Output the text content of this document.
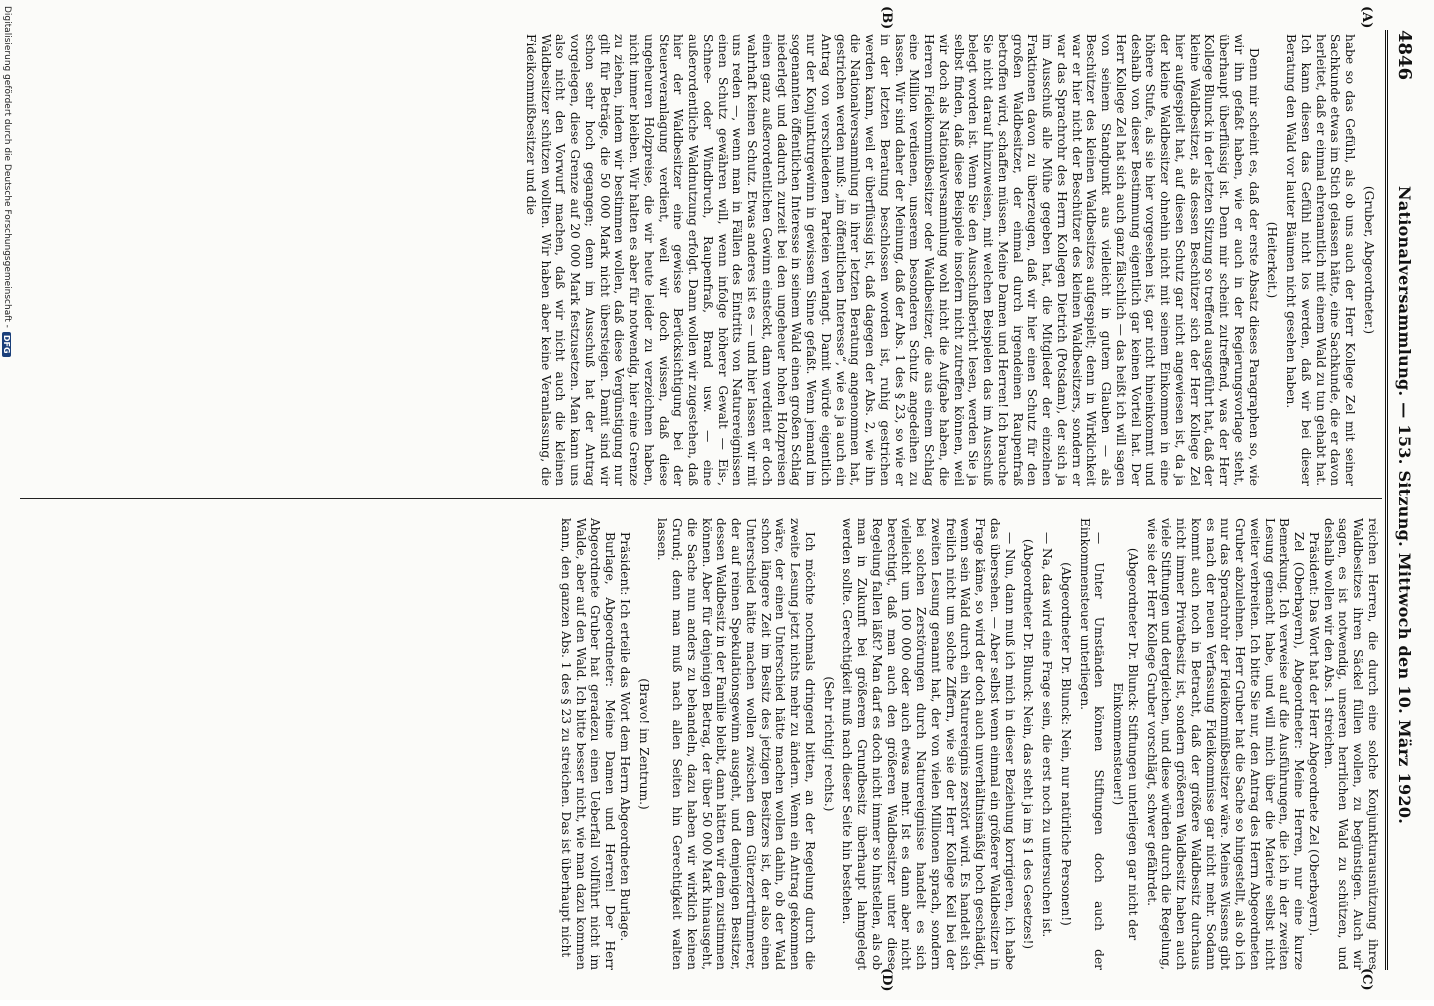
4846
Nationalversammlung. — 153. Sitzung. Mittwoch den 10. März 1920.
(A)
(B)
(C)
(D)

(Gruber, Abgeordneter.)

habe so das Gefühl, als ob uns auch der Herr Kollege Zel mit seiner Sachkunde etwas im Stich gelassen hätte, eine Sachkunde, die er davon herleitet, daß er einmal ehrenamtlich mit einem Wald zu tun gehabt hat. Ich kann diesen das Gefühl nicht los werden, daß wir bei dieser Beratung den Wald vor lauter Bäumen nicht gesehen haben.

(Heiterkeit.)

Denn mir scheint es, daß der erste Absatz dieses Paragraphen so, wie wir ihn gefaßt haben, wie er auch in der Regierungsvorlage steht, überhaupt überflüssig ist. Denn mir scheint zutreffend, was der Herr Kollege Blunck in der letzten Sitzung so treffend ausgeführt hat, daß der kleine Waldbesitzer, als dessen Beschützer sich der Herr Kollege Zel hier aufgespielt hat, auf diesen Schutz gar nicht angewiesen ist, da ja der kleine Waldbesitzer ohnehin nicht mit seinem Einkommen in eine höhere Stufe, als sie hier vorgesehen ist, gar nicht hineinkommt und deshalb von dieser Bestimmung eigentlich gar keinen Vorteil hat. Der Herr Kollege Zel hat sich auch ganz fälschlich — das heißt ich will sagen von seinem Standpunkt aus vielleicht in gutem Glauben — als Beschützer des kleinen Waldbesitzes aufgespielt; denn in Wirklichkeit war er hier nicht der Beschützer des kleinen Waldbesitzers, sondern er war das Sprachrohr des Herrn Kollegen Dietrich (Potsdam), der sich ja im Ausschuß alle Mühe gegeben hat, die Mitglieder der einzelnen Fraktionen davon zu überzeugen, daß wir hier einen Schutz für den großen Waldbesitzer, der einmal durch irgendeinen Raupenfraß betroffen wird, schaffen müssen. Meine Damen und Herren! Ich brauche Sie nicht darauf hinzuweisen, mit welchen Beispielen das im Ausschuß belegt worden ist. Wenn Sie den Ausschußbericht lesen, werden Sie ja selbst finden, daß diese Beispiele insofern nicht zutreffen können, weil wir doch als Nationalversammlung wohl nicht die Aufgabe haben, die Herren Fideikommißbesitzer oder Waldbesitzer, die aus einem Schlag eine Million verdienen, unserem besonderen Schutz angedeihen zu lassen. Wir sind daher der Meinung, daß der Abs. 1 des § 23, so wie er in der letzten Beratung beschlossen worden ist, ruhig gestrichen werden kann, weil er überflüssig ist, daß dagegen der Abs. 2, wie ihn die Nationalversammlung in ihrer letzten Beratung angenommen hat, gestrichen werden muß: „im öffentlichen Interesse“, wie es ja auch ein Antrag von verschiedenen Parteien verlangt. Damit würde eigentlich nur der Konjunkturgewinn in gewissem Sinne gefaßt. Wenn jemand im sogenannten öffentlichen Interesse in seinem Wald einen großen Schlag niederlegt und dadurch zurzeit bei den ungeheuer hohen Holzpreisen einen ganz außerordentlichen Gewinn einsteckt, dann verdient er doch wahrhaft keinen Schutz. Etwas anderes ist es — und hier lassen wir mit uns reden —, wenn man in Fällen des Eintritts von Naturereignissen einen Schutz gewähren will, wenn infolge höherer Gewalt — Eis-, Schnee- oder Windbruch, Raupenfraß, Brand usw. — eine außerordentliche Waldnutzung erfolgt. Dann wollen wir zugestehen, daß hier der Waldbesitzer eine gewisse Berücksichtigung bei der Steuerveranlagung verdient, weil wir doch wissen, daß diese ungeheuren Holzpreise, die wir heute leider zu verzeichnen haben, nicht immer bleiben. Wir halten es aber für notwendig, hier eine Grenze zu ziehen, indem wir bestimmen wollen, daß diese Vergünstigung nur gilt für Beträge, die 50 000 Mark nicht übersteigen. Damit sind wir schon sehr hoch gegangen; denn im Ausschuß hat der Antrag vorgelegen, diese Grenze auf 20 000 Mark festzusetzen. Man kann uns also nicht den Vorwurf machen, daß wir nicht auch die kleinen Waldbesitzer schützen wollten. Wir haben aber keine Veranlassung, die Fideikommißbesitzer und die

reichen Herren, die durch eine solche Konjunkturausnützung ihres Waldbesitzes ihren Säckel füllen wollen, zu begünstigen. Auch wir sagen, es ist notwendig, unseren herrlichen Wald zu schützen, und deshalb wollen wir den Abs. 1 streichen.

Präsident: Das Wort hat der Herr Abgeordnete Zel (Oberbayern).

Zel (Oberbayern), Abgeordneter: Meine Herren, nur eine kurze Bemerkung. Ich verweise auf die Ausführungen, die ich in der zweiten Lesung gemacht habe, und will mich über die Materie selbst nicht weiter verbreiten. Ich bitte Sie nur, den Antrag des Herrn Abgeordneten Gruber abzulehnen. Herr Gruber hat die Sache so hingestellt, als ob ich nur das Sprachrohr der Fideikommißbesitzer wäre. Meines Wissens gibt es nach der neuen Verfassung Fideikommisse gar nicht mehr. Sodann kommt auch noch in Betracht, daß der größere Waldbesitz durchaus nicht immer Privatbesitz ist, sondern größeren Waldbesitz haben auch viele Stiftungen und dergleichen, und diese würden durch die Regelung, wie sie der Herr Kollege Gruber vorschlägt, schwer gefährdet.

(Abgeordneter Dr. Blunck: Stiftungen unterliegen gar nicht der Einkommensteuer!)

— Unter Umständen können Stiftungen doch auch der Einkommensteuer unterliegen.

(Abgeordneter Dr. Blunck: Nein, nur natürliche Personen!)

— Na, das wird eine Frage sein, die erst noch zu untersuchen ist.

(Abgeordneter Dr. Blunck: Nein, das steht ja im § 1 des Gesetzes!)

— Nun, dann muß ich mich in dieser Beziehung korrigieren, ich habe das übersehen. — Aber selbst wenn einmal ein größerer Waldbesitzer in Frage käme, so wird der doch auch unverhältnismäßig hoch geschädigt, wenn sein Wald durch ein Naturereignis zerstört wird. Es handelt sich freilich nicht um solche Ziffern, wie sie der Herr Kollege Keil bei der zweiten Lesung genannt hat, der von vielen Millionen sprach, sondern bei solchen Zerstörungen durch Naturereignisse handelt es sich vielleicht um 100 000 oder auch etwas mehr. Ist es dann aber nicht berechtigt, daß man auch den größeren Waldbesitzer unter diese Regelung fallen läßt? Man darf es doch nicht immer so hinstellen, als ob man in Zukunft bei größerem Grundbesitz überhaupt lahmgelegt werden sollte. Gerechtigkeit muß nach dieser Seite hin bestehen.

(Sehr richtig! rechts.)

Ich möchte nochmals dringend bitten, an der Regelung durch die zweite Lesung jetzt nichts mehr zu ändern. Wenn ein Antrag gekommen wäre, der einen Unterschied hätte machen wollen dahin, ob der Wald schon längere Zeit im Besitz des jetzigen Besitzers ist, der also einen Unterschied hätte machen wollen zwischen dem Güterzertrümmerer, der auf reinen Spekulationsgewinn ausgeht, und demjenigen Besitzer, dessen Waldbesitz in der Familie bleibt, dann hätten wir dem zustimmen können. Aber für denjenigen Betrag, der über 50 000 Mark hinausgeht, die Sache nun anders zu behandeln, dazu haben wir wirklich keinen Grund; denn man muß nach allen Seiten hin Gerechtigkeit walten lassen.

(Bravo! im Zentrum.)

Präsident: Ich erteile das Wort dem Herrn Abgeordneten Burlage.

Burlage, Abgeordneter: Meine Damen und Herren! Der Herr Abgeordnete Gruber hat geradezu einen Ueberfall vollführt nicht im Walde, aber auf den Wald. Ich bitte besser nicht, wie man dazu kommen kann, den ganzen Abs. 1 des § 23 zu streichen. Das ist überhaupt nicht

Digitalisierung gefördert durch die Deutsche Forschungsgemeinschaft -
DFG
